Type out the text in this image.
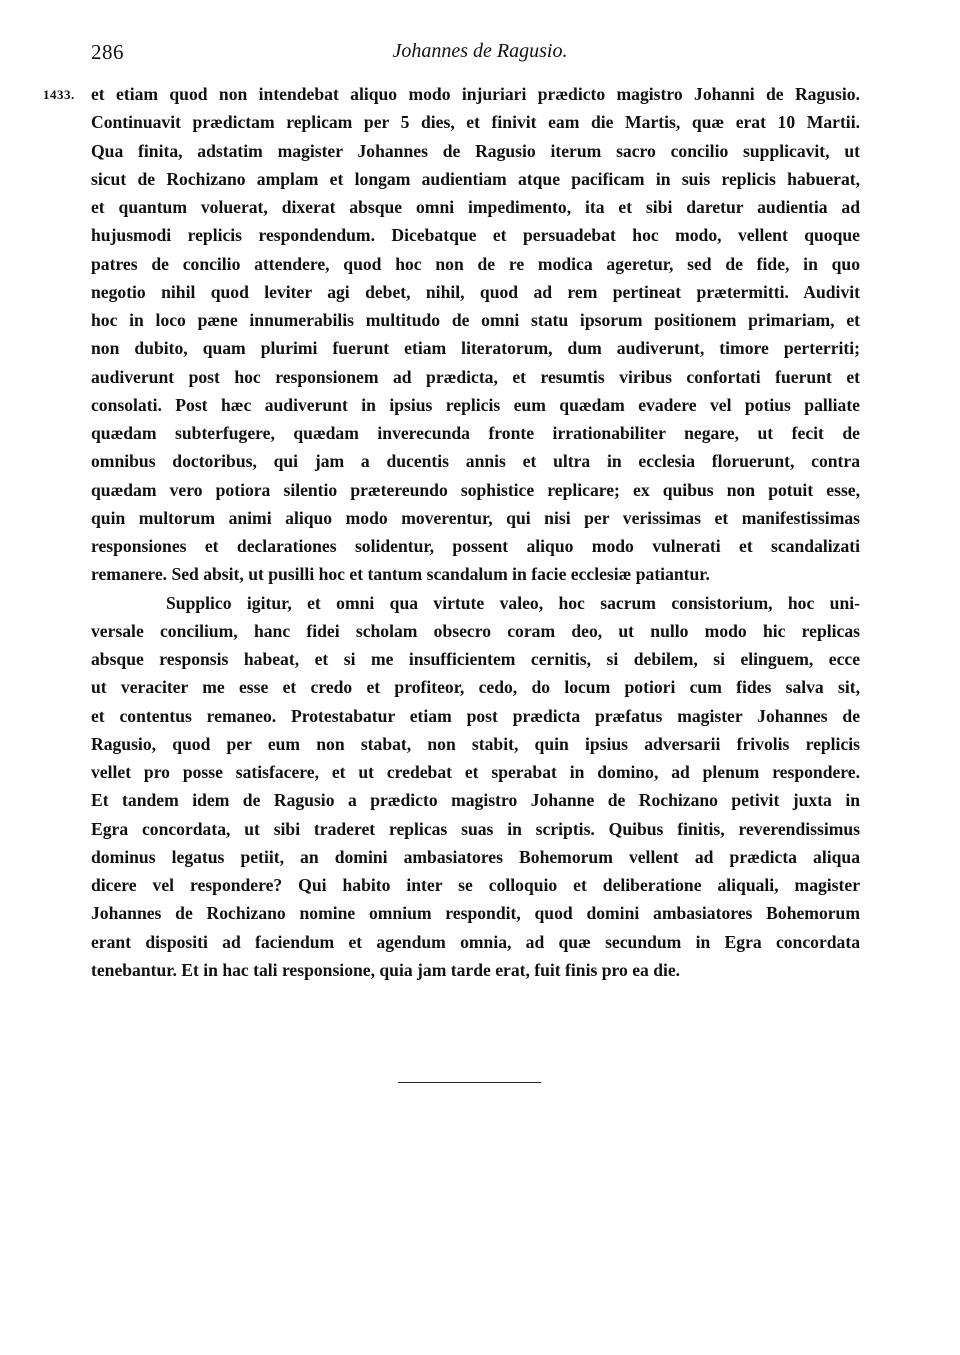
286	Johannes de Ragusio.
1433. et etiam quod non intendebat aliquo modo injuriari prædicto magistro Johanni de Ragusio.
Continuavit prædictam replicam per 5 dies, et finivit eam die Martis, quæ erat 10 Martii.
Qua finita, adstatim magister Johannes de Ragusio iterum sacro concilio supplicavit, ut
sicut de Rochizano amplam et longam audientiam atque pacificam in suis replicis habuerat,
et quantum voluerat, dixerat absque omni impedimento, ita et sibi daretur audientia ad
hujusmodi replicis respondendum. Dicebatque et persuadebat hoc modo, vellent quoque
patres de concilio attendere, quod hoc non de re modica ageretur, sed de fide, in quo
negotio nihil quod leviter agi debet, nihil, quod ad rem pertineat prætermitti. Audivit
hoc in loco pæne innumerabilis multitudo de omni statu ipsorum positionem primariam, et
non dubito, quam plurimi fuerunt etiam literatorum, dum audiverunt, timore perterriti;
audiverunt post hoc responsionem ad prædicta, et resumtis viribus confortati fuerunt et
consolati. Post hæc audiverunt in ipsius replicis eum quædam evadere vel potius palliate
quædam subterfugere, quædam inverecunda fronte irrationabiliter negare, ut fecit de
omnibus doctoribus, qui jam a ducentis annis et ultra in ecclesia floruerunt, contra
quædam vero potiora silentio prætereundo sophistice replicare; ex quibus non potuit esse,
quin multorum animi aliquo modo moverentur, qui nisi per verissimas et manifestissimas
responsiones et declarationes solidentur, possent aliquo modo vulnerati et scandalizati
remanere. Sed absit, ut pusilli hoc et tantum scandalum in facie ecclesiæ patiantur.
Supplico igitur, et omni qua virtute valeo, hoc sacrum consistorium, hoc uni-
versale concilium, hanc fidei scholam obsecro coram deo, ut nullo modo hic replicas
absque responsis habeat, et si me insufficientem cernitis, si debilem, si elinguem, ecce
ut veraciter me esse et credo et profiteor, cedo, do locum potiori cum fides salva sit,
et contentus remaneo. Protestabatur etiam post prædicta præfatus magister Johannes de
Ragusio, quod per eum non stabat, non stabit, quin ipsius adversarii frivolis replicis
vellet pro posse satisfacere, et ut credebat et sperabat in domino, ad plenum respondere.
Et tandem idem de Ragusio a prædicto magistro Johanne de Rochizano petivit juxta in
Egra concordata, ut sibi traderet replicas suas in scriptis. Quibus finitis, reverendissimus
dominus legatus petiit, an domini ambasiatores Bohemorum vellent ad prædicta aliqua
dicere vel respondere? Qui habito inter se colloquio et deliberatione aliquali, magister
Johannes de Rochizano nomine omnium respondit, quod domini ambasiatores Bohemorum
erant dispositi ad faciendum et agendum omnia, ad quæ secundum in Egra concordata
tenebantur. Et in hac tali responsione, quia jam tarde erat, fuit finis pro ea die.
